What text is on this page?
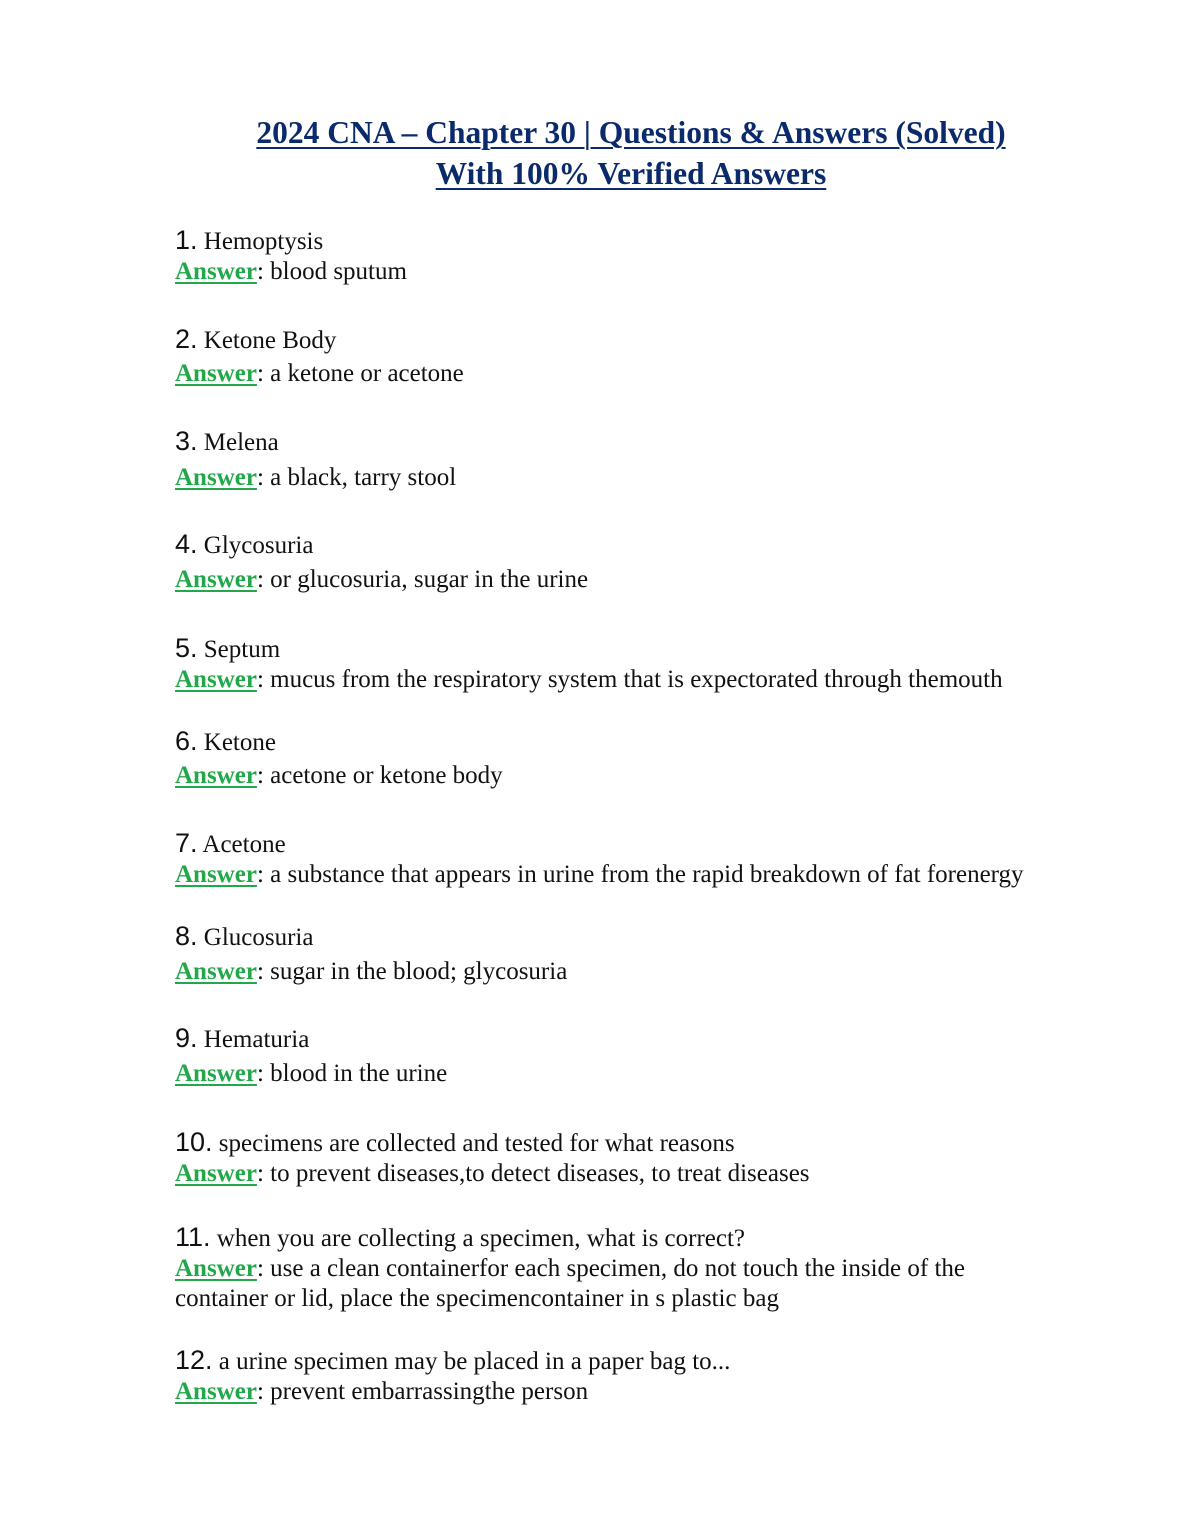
2024 CNA – Chapter 30 | Questions & Answers (Solved)
With 100% Verified Answers
1. Hemoptysis
Answer: blood sputum
2. Ketone Body
Answer: a ketone or acetone
3. Melena
Answer: a black, tarry stool
4. Glycosuria
Answer: or glucosuria, sugar in the urine
5. Septum
Answer: mucus from the respiratory system that is expectorated through themouth
6. Ketone
Answer: acetone or ketone body
7. Acetone
Answer: a substance that appears in urine from the rapid breakdown of fat forenergy
8. Glucosuria
Answer: sugar in the blood; glycosuria
9. Hematuria
Answer: blood in the urine
10. specimens are collected and tested for what reasons
Answer: to prevent diseases,to detect diseases, to treat diseases
11. when you are collecting a specimen, what is correct?
Answer: use a clean containerfor each specimen, do not touch the inside of the container or lid, place the specimencontainer in s plastic bag
12. a urine specimen may be placed in a paper bag to...
Answer: prevent embarrassingthe person
